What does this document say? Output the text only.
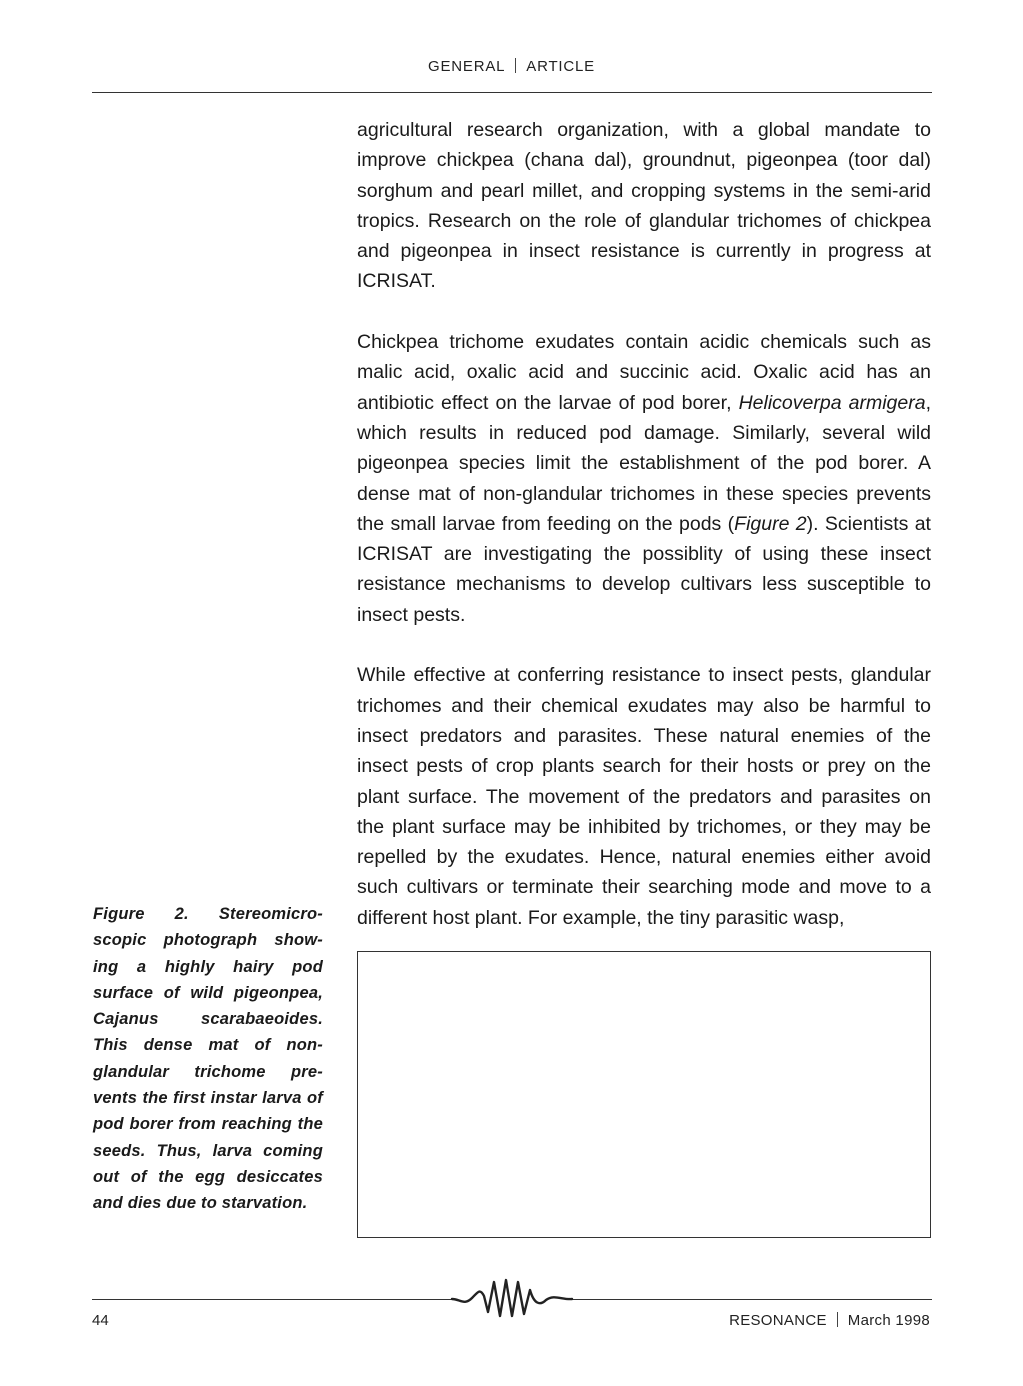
GENERAL ARTICLE

agricultural research organization, with a global mandate to improve chickpea (chana dal), groundnut, pigeonpea (toor dal) sorghum and pearl millet, and cropping systems in the semi-arid tropics. Research on the role of glandular trichomes of chickpea and pigeonpea in insect resistance is currently in progress at ICRISAT.

Chickpea trichome exudates contain acidic chemicals such as malic acid, oxalic acid and succinic acid. Oxalic acid has an antibiotic effect on the larvae of pod borer, Helicoverpa armigera, which results in reduced pod damage. Similarly, several wild pigeonpea species limit the establishment of the pod borer. A dense mat of non-glandular trichomes in these species prevents the small larvae from feeding on the pods (Figure 2). Scientists at ICRISAT are investigating the possiblity of using these insect resistance mechanisms to develop cultivars less susceptible to insect pests.

While effective at conferring resistance to insect pests, glandular trichomes and their chemical exudates may also be harmful to insect predators and parasites. These natural enemies of the insect pests of crop plants search for their hosts or prey on the plant surface. The movement of the predators and parasites on the plant surface may be inhibited by trichomes, or they may be repelled by the exudates. Hence, natural enemies either avoid such cultivars or terminate their searching mode and move to a different host plant. For example, the tiny parasitic wasp,

Figure 2. Stereomicro-scopic photograph show-ing a highly hairy pod surface of wild pigeonpea, Cajanus scarabaeoides. This dense mat of non-glandular trichome pre-vents the first instar larva of pod borer from reaching the seeds. Thus, larva coming out of the egg desiccates and dies due to starvation.
44	RESONANCE March 1998
